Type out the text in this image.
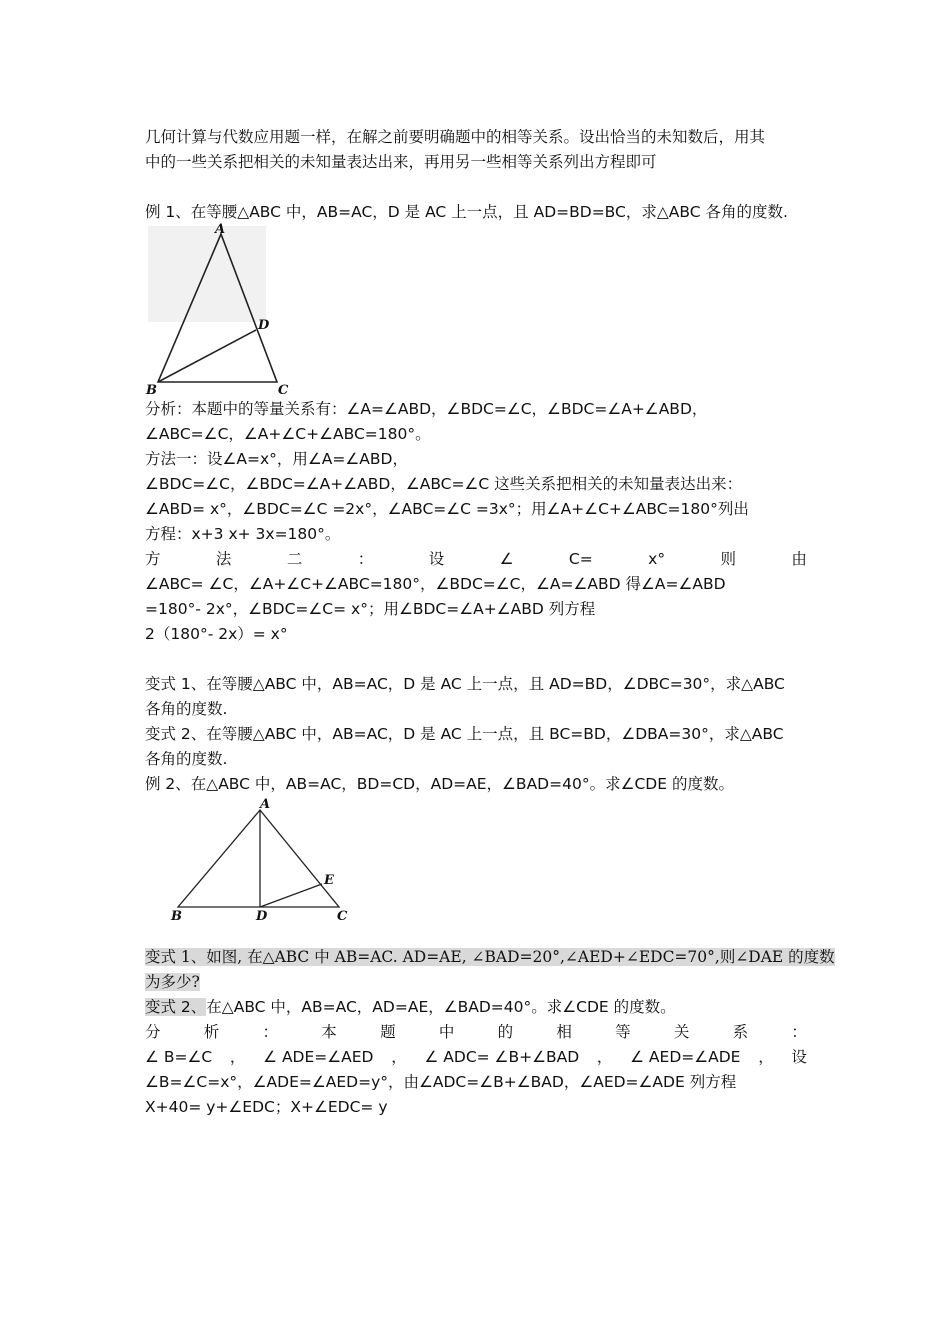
几何计算与代数应用题一样，在解之前要明确题中的相等关系。设出恰当的未知数后，用其
中的一些关系把相关的未知量表达出来，再用另一些相等关系列出方程即可
例 1、在等腰△ABC 中，AB=AC，D 是 AC 上一点，且 AD=BD=BC，求△ABC 各角的度数.
A
D
B	C
分析：本题中的等量关系有：∠A=∠ABD，∠BDC=∠C，∠BDC=∠A+∠ABD，
∠ABC=∠C，∠A+∠C+∠ABC=180°。
方法一：设∠A=x°，用∠A=∠ABD，
∠BDC=∠C，∠BDC=∠A+∠ABD，∠ABC=∠C 这些关系把相关的未知量表达出来：
∠ABD= x°，∠BDC=∠C =2x°，∠ABC=∠C =3x°；用∠A+∠C+∠ABC=180°列出
方程：x+3 x+ 3x=180°。
方	法	二	：	设	∠	C=	x°	则	由
∠ABC= ∠C，∠A+∠C+∠ABC=180°，∠BDC=∠C，∠A=∠ABD 得∠A=∠ABD
=180°- 2x°，∠BDC=∠C= x°；用∠BDC=∠A+∠ABD 列方程
2（180°- 2x）= x°
变式 1、在等腰△ABC 中，AB=AC，D 是 AC 上一点，且 AD=BD，∠DBC=30°，求△ABC
各角的度数.
变式 2、在等腰△ABC 中，AB=AC，D 是 AC 上一点，且 BC=BD，∠DBA=30°，求△ABC
各角的度数.
例 2、在△ABC 中，AB=AC，BD=CD，AD=AE，∠BAD=40°。求∠CDE 的度数。
A
E
B	D	C
变式 1、如图, 在△ABC 中 AB=AC. AD=AE, ∠BAD=20°,∠AED+∠EDC=70°,则∠DAE 的度数
为多少?
变式 2、在△ABC 中，AB=AC，AD=AE，∠BAD=40°。求∠CDE 的度数。
分	析	：	本	题	中	的	相	等	关	系	：
∠ B=∠C ， ∠ ADE=∠AED ， ∠ ADC= ∠B+∠BAD ， ∠ AED=∠ADE ， 设
∠B=∠C=x°，∠ADE=∠AED=y°，由∠ADC=∠B+∠BAD，∠AED=∠ADE 列方程
X+40= y+∠EDC；X+∠EDC= y
